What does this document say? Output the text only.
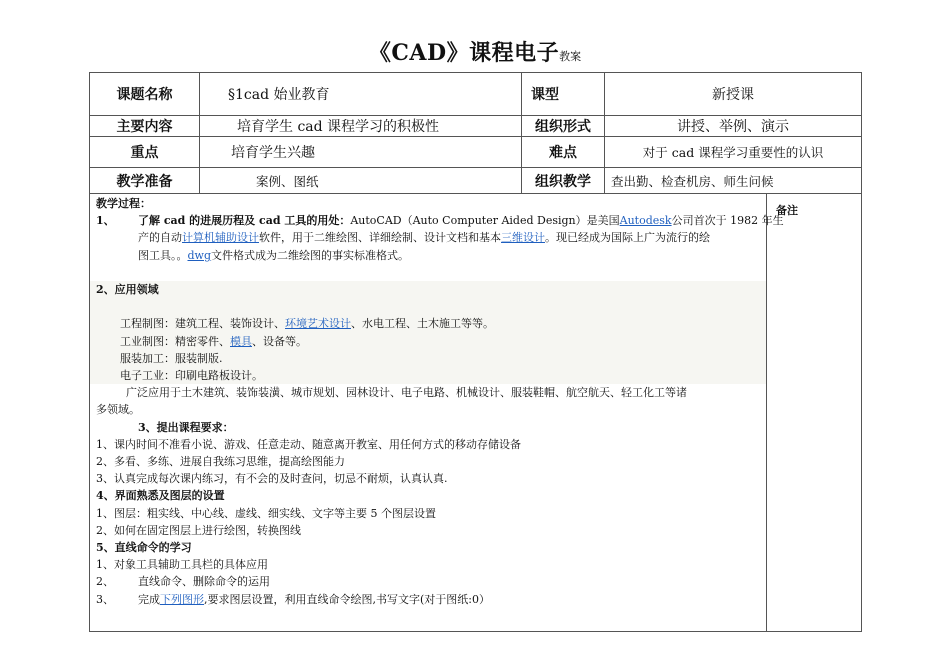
《CAD》课程电子教案
课题名称	§1cad 始业教育	课型	新授课
主要内容	培育学生 cad 课程学习的积极性	组织形式	讲授、举例、演示
重点	培育学生兴趣	难点	对于 cad 课程学习重要性的认识
教学准备	案例、图纸	组织教学	查出勤、检查机房、师生问候
备注

教学过程：

1、 了解 cad 的进展历程及 cad 工具的用处：AutoCAD（Auto Computer Aided Design）是美国Autodesk公司首次于 1982 年生

产的自动计算机辅助设计软件，用于二维绘图、详细绘制、设计文档和基本三维设计。现已经成为国际上广为流行的绘

图工具。。dwg文件格式成为二维绘图的事实标准格式。

2、应用领域

工程制图：建筑工程、装饰设计、环境艺术设计、水电工程、土木施工等等。

工业制图：精密零件、模具、设备等。

服装加工：服装制版.

电子工业：印刷电路板设计。

广泛应用于土木建筑、装饰装潢、城市规划、园林设计、电子电路、机械设计、服装鞋帽、航空航天、轻工化工等诸

多领域。

3、提出课程要求：

1、课内时间不准看小说、游戏、任意走动、随意离开教室、用任何方式的移动存储设备

2、多看、多练、进展自我练习思维，提高绘图能力

3、认真完成每次课内练习，有不会的及时查问，切忌不耐烦，认真认真.

4、界面熟悉及图层的设置

1、图层：粗实线、中心线、虚线、细实线、文字等主要 5 个图层设置

2、如何在固定图层上进行绘图，转换图线

5、直线命令的学习

1、对象工具辅助工具栏的具体应用

2、 直线命令、删除命令的运用

3、 完成下列图形,要求图层设置，利用直线命令绘图,书写文字(对于图纸:0）
